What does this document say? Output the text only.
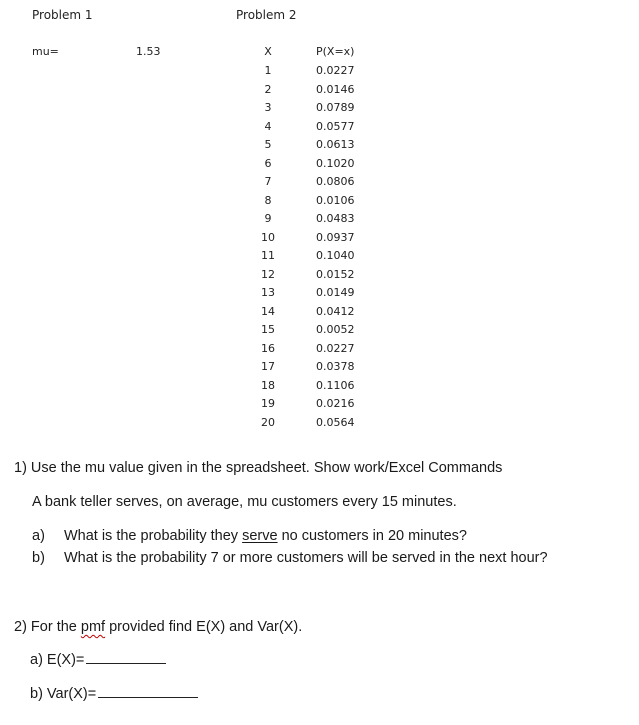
Problem 1	Problem 2
mu=	1.53	X	P(X=x)
1	0.0227
2	0.0146
3	0.0789
4	0.0577
5	0.0613
6	0.1020
7	0.0806
8	0.0106
9	0.0483
10	0.0937
11	0.1040
12	0.0152
13	0.0149
14	0.0412
15	0.0052
16	0.0227
17	0.0378
18	0.1106
19	0.0216
20	0.0564
1) Use the mu value given in the spreadsheet. Show work/Excel Commands
A bank teller serves, on average, mu customers every 15 minutes.
a) What is the probability they serve no customers in 20 minutes?
b) What is the probability 7 or more customers will be served in the next hour?
2) For the pmf provided find E(X) and Var(X).
a) E(X)=
b) Var(X)=
